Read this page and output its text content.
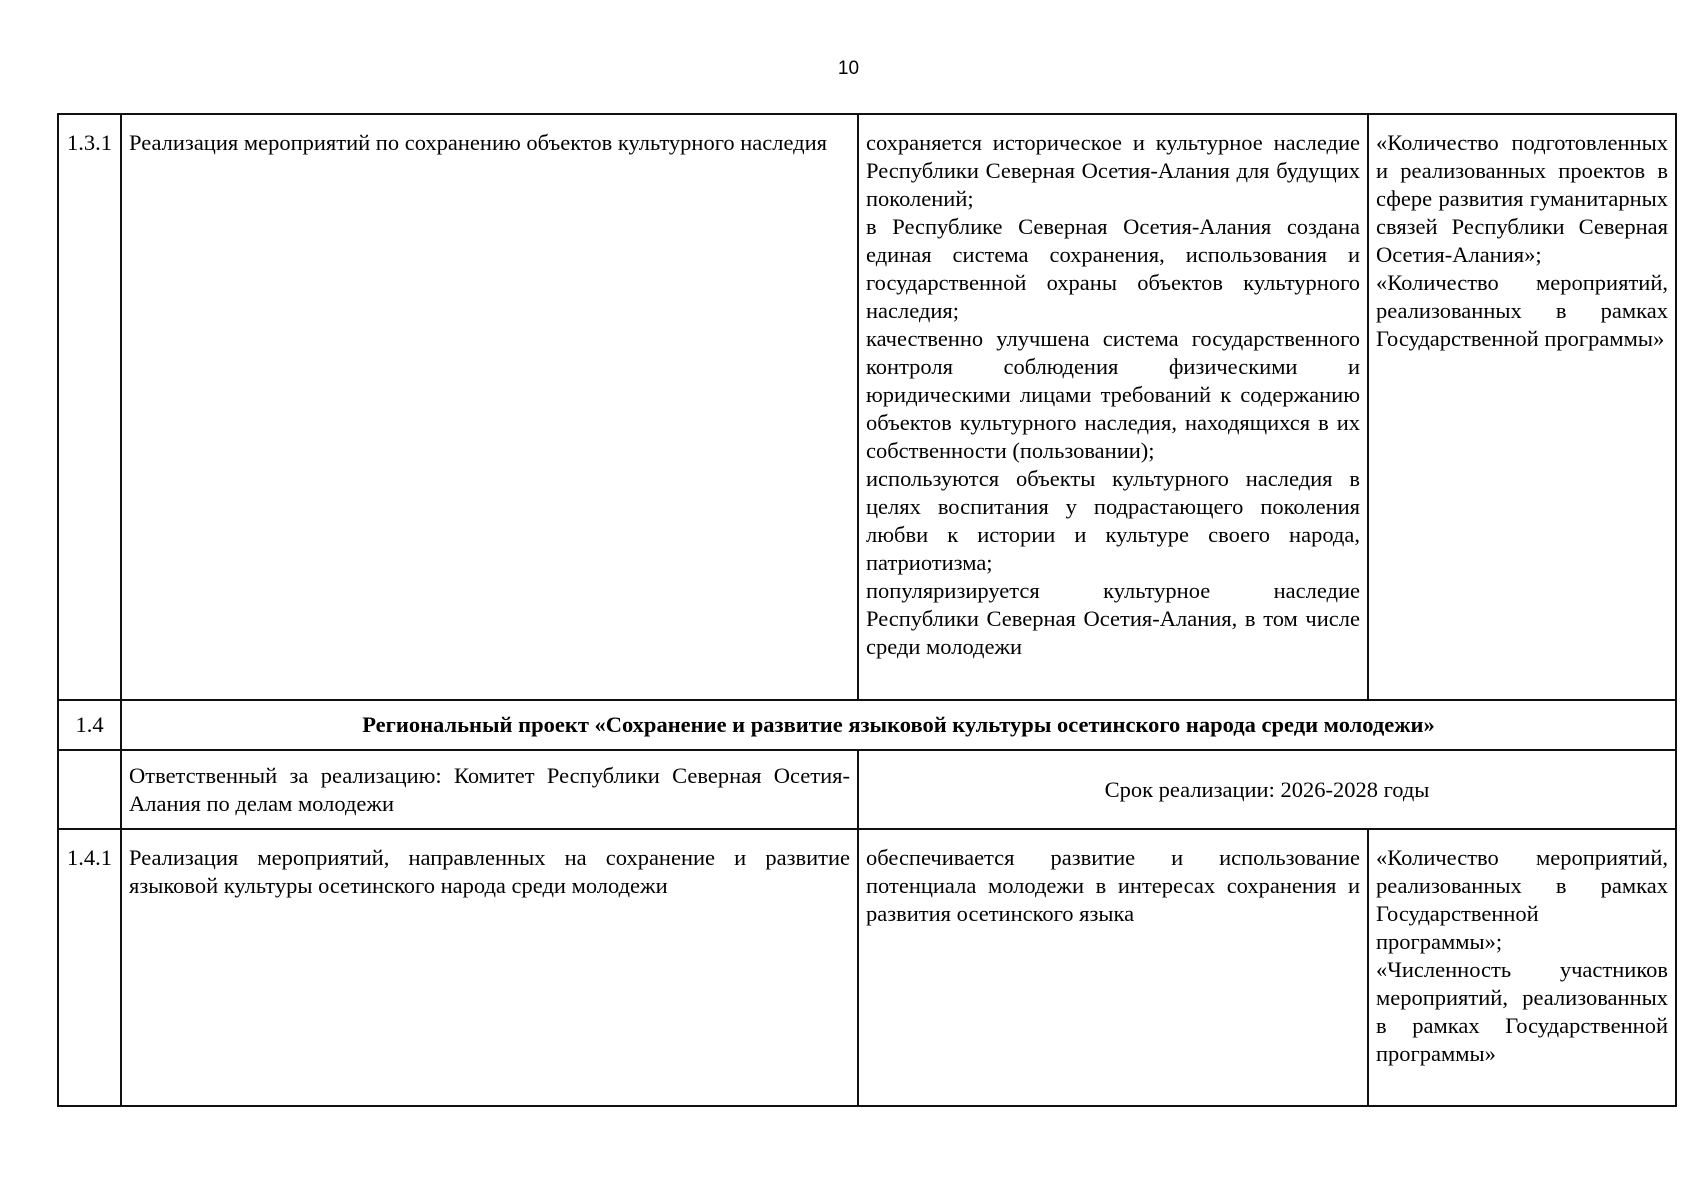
10
1.3.1	Реализация мероприятий по сохранению объектов культурного наследия	сохраняется историческое и культурное наследие Республики Северная Осетия-Алания для будущих поколений;
в Республике Северная Осетия-Алания создана единая система сохранения, использования и государственной охраны объектов культурного наследия;
качественно улучшена система государственного контроля соблюдения физическими и юридическими лицами требований к содержанию объектов культурного наследия, находящихся в их собственности (пользовании);
используются объекты культурного наследия в целях воспитания у подрастающего поколения любви к истории и культуре своего народа, патриотизма;
популяризируется культурное наследие Республики Северная Осетия-Алания, в том числе среди молодежи	«Количество подготовленных и реализованных проектов в сфере развития гуманитарных связей Республики Северная Осетия-Алания»;
«Количество мероприятий, реализованных в рамках Государственной программы»

1.4	Региональный проект «Сохранение и развитие языковой культуры осетинского народа среди молодежи»		
	Ответственный за реализацию: Комитет Республики Северная Осетия-Алания по делам молодежи	Срок реализации: 2026-2028 годы	
1.4.1	Реализация мероприятий, направленных на сохранение и развитие языковой культуры осетинского народа среди молодежи	обеспечивается развитие и использование потенциала молодежи в интересах сохранения и развития осетинского языка	«Количество мероприятий, реализованных в рамках Государственной программы»;
«Численность участников мероприятий, реализованных в рамках Государственной программы»
